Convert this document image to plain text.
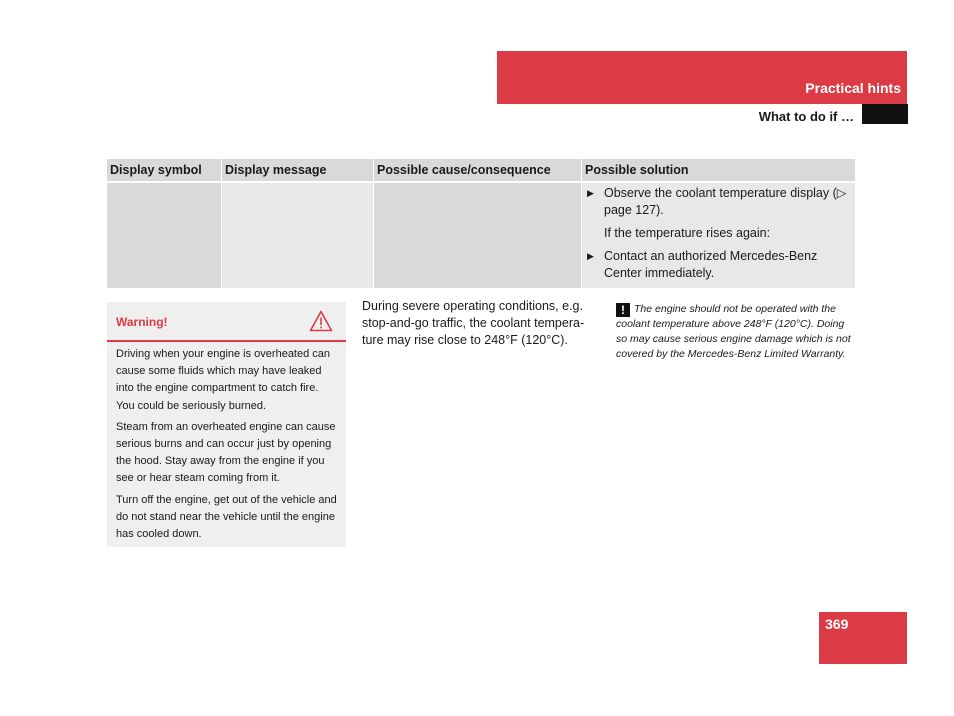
Practical hints
What to do if …
Display symbol	Display message	Possible cause/consequence	Possible solution

			▶ Observe the coolant temperature display (▷ page 127).
If the temperature rises again:
▶ Contact an authorized Mercedes-Benz Center immediately.
Warning!

Driving when your engine is overheated can cause some fluids which may have leaked into the engine compartment to catch fire. You could be seriously burned.

Steam from an overheated engine can cause serious burns and can occur just by opening the hood. Stay away from the engine if you see or hear steam coming from it.

Turn off the engine, get out of the vehicle and do not stand near the vehicle until the engine has cooled down.

During severe operating conditions, e.g. stop-and-go traffic, the coolant tempera-ture may rise close to 248°F (120°C).
! The engine should not be operated with the coolant temperature above 248°F (120°C). Doing so may cause serious engine damage which is not covered by the Mercedes-Benz Limited Warranty.
369
